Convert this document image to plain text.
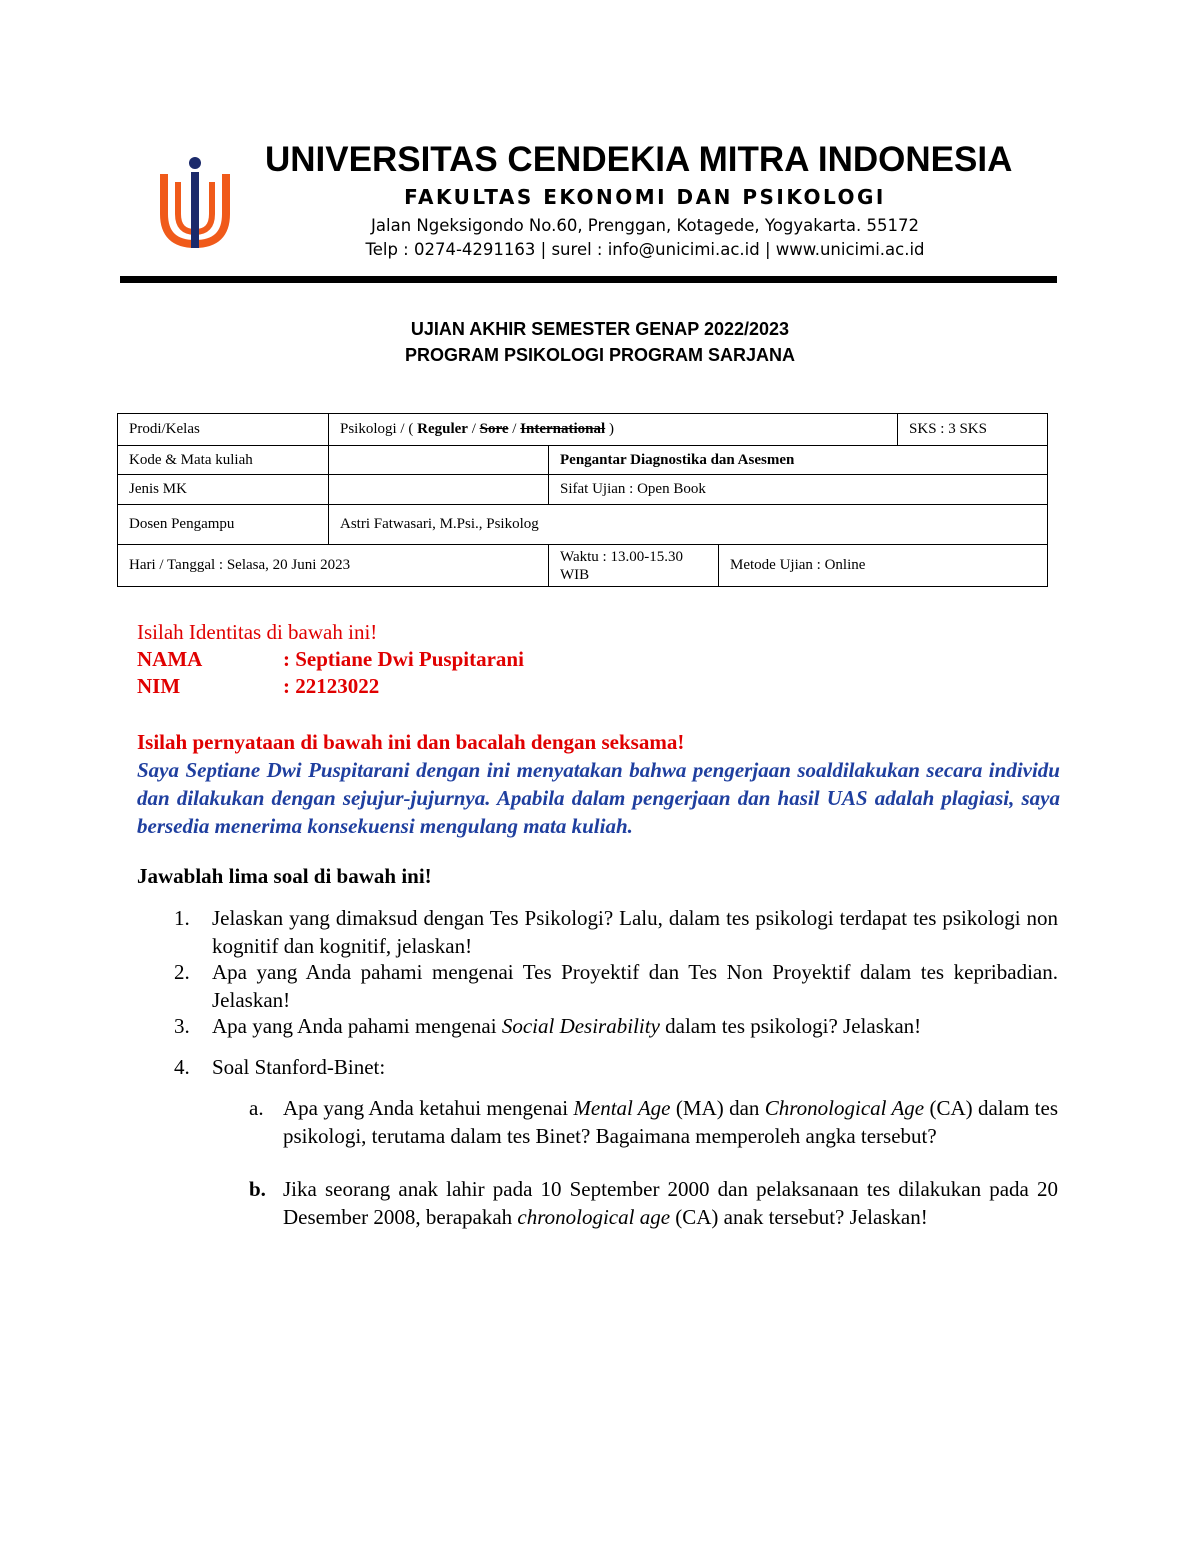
UNIVERSITAS CENDEKIA MITRA INDONESIA
FAKULTAS EKONOMI DAN PSIKOLOGI
Jalan Ngeksigondo No.60, Prenggan, Kotagede, Yogyakarta. 55172
Telp : 0274-4291163 | surel : info@unicimi.ac.id | www.unicimi.ac.id
UJIAN AKHIR SEMESTER GENAP 2022/2023
PROGRAM PSIKOLOGI PROGRAM SARJANA
Prodi/Kelas	Psikologi / ( Reguler / Sore / International )			SKS : 3 SKS
Kode & Mata kuliah		Pengantar Diagnostika dan Asesmen		
Jenis MK		Sifat Ujian : Open Book		
Dosen Pengampu	Astri Fatwasari, M.Psi., Psikolog			
Hari / Tanggal : Selasa, 20 Juni 2023		Waktu : 13.00-15.30 WIB	Metode Ujian : Online	
Isilah Identitas di bawah ini!
NAMA	: Septiane Dwi Puspitarani
NIM	: 22123022
Isilah pernyataan di bawah ini dan bacalah dengan seksama!
Saya Septiane Dwi Puspitarani dengan ini menyatakan bahwa pengerjaan soaldilakukan secara individu dan dilakukan dengan sejujur-jujurnya. Apabila dalam pengerjaan dan hasil UAS adalah plagiasi, saya bersedia menerima konsekuensi mengulang mata kuliah.
Jawablah lima soal di bawah ini!
1. Jelaskan yang dimaksud dengan Tes Psikologi? Lalu, dalam tes psikologi terdapat tes psikologi non kognitif dan kognitif, jelaskan!
2. Apa yang Anda pahami mengenai Tes Proyektif dan Tes Non Proyektif dalam tes kepribadian. Jelaskan!
3. Apa yang Anda pahami mengenai Social Desirability dalam tes psikologi? Jelaskan!
4. Soal Stanford-Binet:
a. Apa yang Anda ketahui mengenai Mental Age (MA) dan Chronological Age (CA) dalam tes psikologi, terutama dalam tes Binet? Bagaimana memperoleh angka tersebut?
b. Jika seorang anak lahir pada 10 September 2000 dan pelaksanaan tes dilakukan pada 20 Desember 2008, berapakah chronological age (CA) anak tersebut? Jelaskan!
